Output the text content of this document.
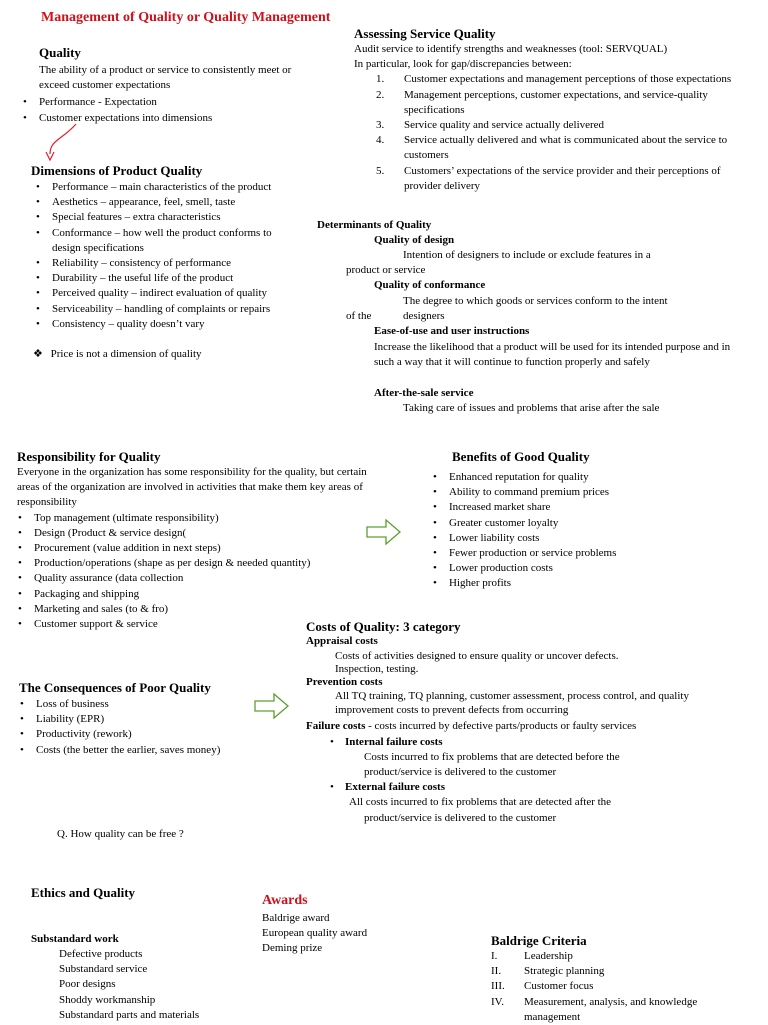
Management of Quality or Quality Management
Quality
The ability of a product or service to consistently meet or exceed customer expectations
• Performance - Expectation
• Customer expectations into dimensions
Dimensions of Product Quality
• Performance – main characteristics of the product
• Aesthetics – appearance, feel, smell, taste
• Special features – extra characteristics
• Conformance – how well the product conforms to design specifications
• Reliability – consistency of performance
• Durability – the useful life of the product
• Perceived quality – indirect evaluation of quality
• Serviceability – handling of complaints or repairs
• Consistency – quality doesn’t vary
❖ Price is not a dimension of quality
Assessing Service Quality
Audit service to identify strengths and weaknesses (tool: SERVQUAL)
In particular, look for gap/discrepancies between:
1. Customer expectations and management perceptions of those expectations
2. Management perceptions, customer expectations, and service-quality specifications
3. Service quality and service actually delivered
4. Service actually delivered and what is communicated about the service to customers
5. Customers’ expectations of the service provider and their perceptions of provider delivery
Determinants of Quality
Quality of design
Intention of designers to include or exclude features in a
product or service
Quality of conformance
The degree to which goods or services conform to the intent
of the	designers
Ease-of-use and user instructions
Increase the likelihood that a product will be used for its intended purpose and in such a way that it will continue to function properly and safely
After-the-sale service
Taking care of issues and problems that arise after the sale
Responsibility for Quality
Everyone in the organization has some responsibility for the quality, but certain areas of the organization are involved in activities that make them key areas of responsibility
• Top management (ultimate responsibility)
• Design (Product & service design(
• Procurement (value addition in next steps)
• Production/operations (shape as per design & needed quantity)
• Quality assurance (data collection
• Packaging and shipping
• Marketing and sales (to & fro)
• Customer support & service
Benefits of Good Quality
• Enhanced reputation for quality
• Ability to command premium prices
• Increased market share
• Greater customer loyalty
• Lower liability costs
• Fewer production or service problems
• Lower production costs
• Higher profits
The Consequences of Poor Quality
• Loss of business
• Liability (EPR)
• Productivity (rework)
• Costs (the better the earlier, saves money)
Costs of Quality: 3 category
Appraisal costs
Costs of activities designed to ensure quality or uncover defects.
Inspection, testing.
Prevention costs
All TQ training, TQ planning, customer assessment, process control, and quality improvement costs to prevent defects from occurring
Failure costs - costs incurred by defective parts/products or faulty services
• Internal failure costs
Costs incurred to fix problems that are detected before the
product/service is delivered to the customer
• External failure costs
All costs incurred to fix problems that are detected after the
product/service is delivered to the customer
Q. How quality can be free ?
Ethics and Quality
Substandard work
Defective products
Substandard service
Poor designs
Shoddy workmanship
Substandard parts and materials
Awards
Baldrige award
European quality award
Deming prize
Baldrige Criteria
I. Leadership
II. Strategic planning
III. Customer focus
IV. Measurement, analysis, and knowledge management
